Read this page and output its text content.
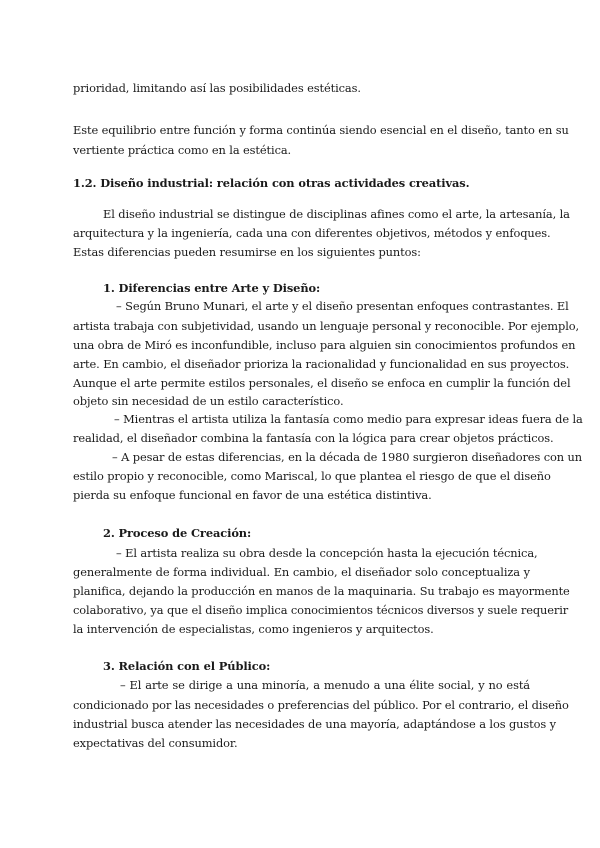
prioridad, limitando así las posibilidades estéticas.
Este equilibrio entre función y forma continúa siendo esencial en el diseño, tanto en su
vertiente práctica como en la estética.
1.2. Diseño industrial: relación con otras actividades creativas.
El diseño industrial se distingue de disciplinas afines como el arte, la artesanía, la
arquitectura y la ingeniería, cada una con diferentes objetivos, métodos y enfoques.
Estas diferencias pueden resumirse en los siguientes puntos:
1. Diferencias entre Arte y Diseño:
– Según Bruno Munari, el arte y el diseño presentan enfoques contrastantes. El
artista trabaja con subjetividad, usando un lenguaje personal y reconocible. Por ejemplo,
una obra de Miró es inconfundible, incluso para alguien sin conocimientos profundos en
arte. En cambio, el diseñador prioriza la racionalidad y funcionalidad en sus proyectos.
Aunque el arte permite estilos personales, el diseño se enfoca en cumplir la función del
objeto sin necesidad de un estilo característico.
– Mientras el artista utiliza la fantasía como medio para expresar ideas fuera de la
realidad, el diseñador combina la fantasía con la lógica para crear objetos prácticos.
– A pesar de estas diferencias, en la década de 1980 surgieron diseñadores con un
estilo propio y reconocible, como Mariscal, lo que plantea el riesgo de que el diseño
pierda su enfoque funcional en favor de una estética distintiva.
2. Proceso de Creación:
– El artista realiza su obra desde la concepción hasta la ejecución técnica,
generalmente de forma individual. En cambio, el diseñador solo conceptualiza y
planifica, dejando la producción en manos de la maquinaria. Su trabajo es mayormente
colaborativo, ya que el diseño implica conocimientos técnicos diversos y suele requerir
la intervención de especialistas, como ingenieros y arquitectos.
3. Relación con el Público:
– El arte se dirige a una minoría, a menudo a una élite social, y no está
condicionado por las necesidades o preferencias del público. Por el contrario, el diseño
industrial busca atender las necesidades de una mayoría, adaptándose a los gustos y
expectativas del consumidor.
